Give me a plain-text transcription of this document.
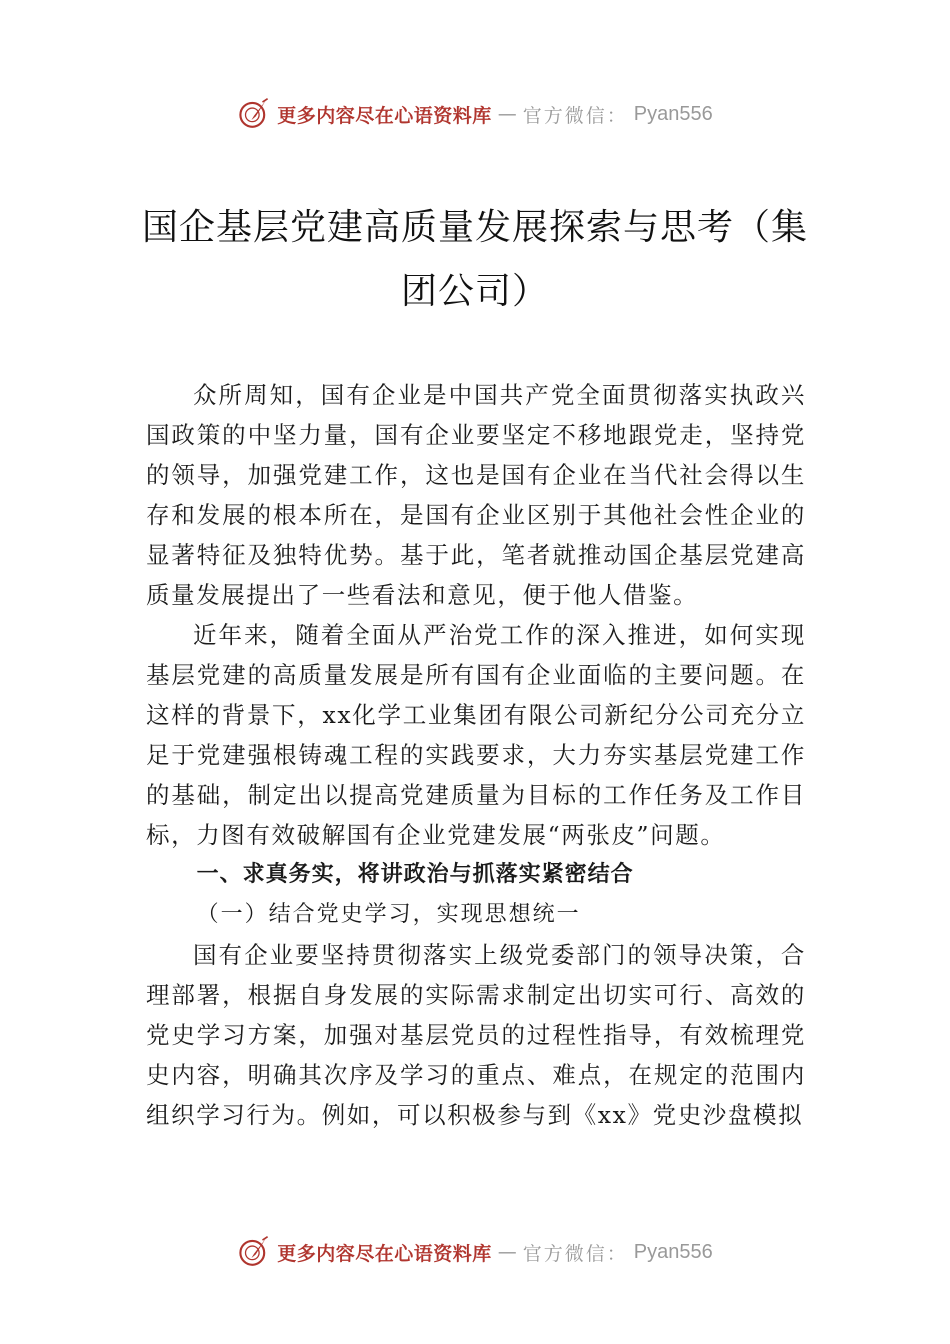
更多内容尽在心语资料库 — 官方微信： Pyan556
国企基层党建高质量发展探索与思考（集
团公司）

众所周知，国有企业是中国共产党全面贯彻落实执政兴国政策的中坚力量，国有企业要坚定不移地跟党走，坚持党的领导，加强党建工作，这也是国有企业在当代社会得以生存和发展的根本所在，是国有企业区别于其他社会性企业的显著特征及独特优势。基于此，笔者就推动国企基层党建高质量发展提出了一些看法和意见，便于他人借鉴。

近年来，随着全面从严治党工作的深入推进，如何实现基层党建的高质量发展是所有国有企业面临的主要问题。在这样的背景下，xx化学工业集团有限公司新纪分公司充分立足于党建强根铸魂工程的实践要求，大力夯实基层党建工作的基础，制定出以提高党建质量为目标的工作任务及工作目标，力图有效破解国有企业党建发展“两张皮”问题。

一、求真务实，将讲政治与抓落实紧密结合

（一）结合党史学习，实现思想统一

国有企业要坚持贯彻落实上级党委部门的领导决策，合理部署，根据自身发展的实际需求制定出切实可行、高效的党史学习方案，加强对基层党员的过程性指导，有效梳理党史内容，明确其次序及学习的重点、难点，在规定的范围内组织学习行为。例如，可以积极参与到《xx》党史沙盘模拟

更多内容尽在心语资料库 — 官方微信： Pyan556
